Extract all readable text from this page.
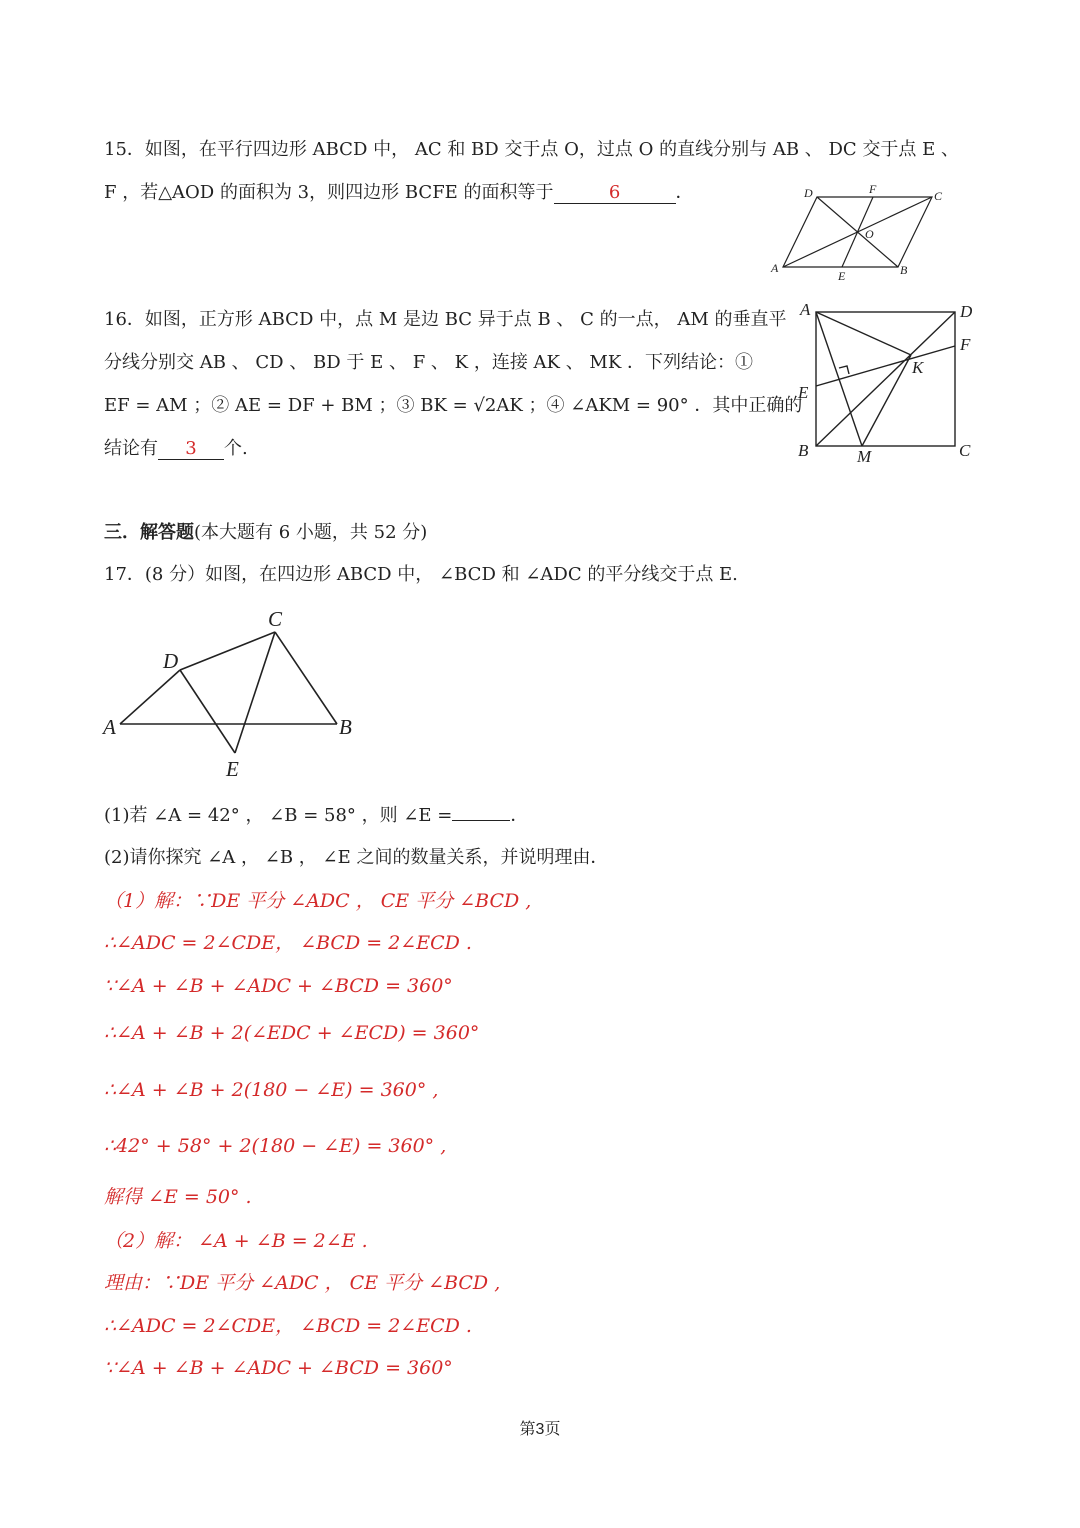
15．如图，在平行四边形 ABCD 中， AC 和 BD 交于点 O，过点 O 的直线分别与 AB 、 DC 交于点 E 、
F ，若△AOD 的面积为 3，则四边形 BCFE 的面积等于	6	．	D	F	C
O
A
E	B
16．如图，正方形 ABCD 中，点 M 是边 BC 异于点 B 、 C 的一点， AM 的垂直平
分线分别交 AB 、 CD 、 BD 于 E 、 F 、 K ，连接 AK 、 MK ．下列结论：①
EF = AM ；② AE = DF + BM ；③ BK = √2AK ；④ ∠AKM = 90° ．其中正确的
结论有 3 个.
A	D
F
K
E
B	M	C
三．解答题(本大题有 6 小题，共 52 分)
17．(8 分）如图，在四边形 ABCD 中， ∠BCD 和 ∠ADC 的平分线交于点 E.
C
D
A	B
E
(1)若 ∠A = 42° ， ∠B = 58° ，则 ∠E =	．
(2)请你探究 ∠A ， ∠B ， ∠E 之间的数量关系，并说明理由．
（1）解：∵DE 平分 ∠ADC ， CE 平分 ∠BCD ,
∴∠ADC = 2∠CDE， ∠BCD = 2∠ECD .
∵∠A + ∠B + ∠ADC + ∠BCD = 360°
∴∠A + ∠B + 2(∠EDC + ∠ECD) = 360°
∴∠A + ∠B + 2(180 − ∠E) = 360° ,
∴42° + 58° + 2(180 − ∠E) = 360° ,
解得 ∠E = 50° .
（2）解： ∠A + ∠B = 2∠E .
理由：∵DE 平分 ∠ADC ， CE 平分 ∠BCD ,
∴∠ADC = 2∠CDE， ∠BCD = 2∠ECD .
∵∠A + ∠B + ∠ADC + ∠BCD = 360°
第3页
